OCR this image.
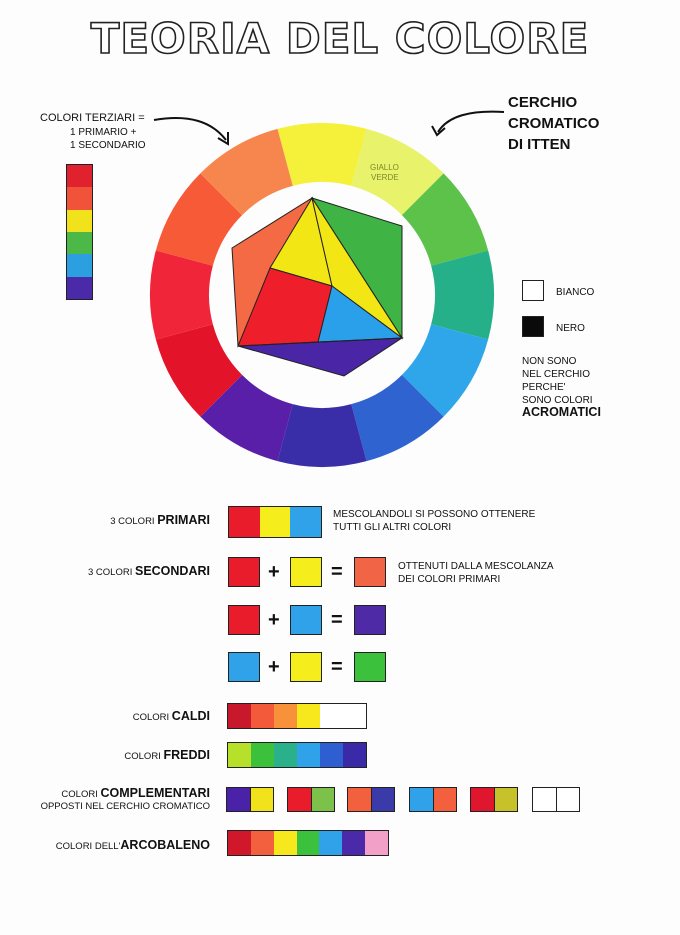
TEORIA DEL COLORE
COLORI TERZIARI =
1 PRIMARIO +
1 SECONDARIO
CERCHIO
CROMATICO
DI ITTEN
GIALLO
VERDE
BIANCO
NERO
NON SONO
NEL CERCHIO
PERCHE'
SONO COLORI
ACROMATICI
3 COLORI PRIMARI	MESCOLANDOLI SI POSSONO OTTENERE
TUTTI GLI ALTRI COLORI
3 COLORI SECONDARI	OTTENUTI DALLA MESCOLANZA
DEI COLORI PRIMARI
+	=
+	=
+	=
COLORI CALDI
COLORI FREDDI
COLORI COMPLEMENTARI
OPPOSTI NEL CERCHIO CROMATICO
COLORI DELL'ARCOBALENO
